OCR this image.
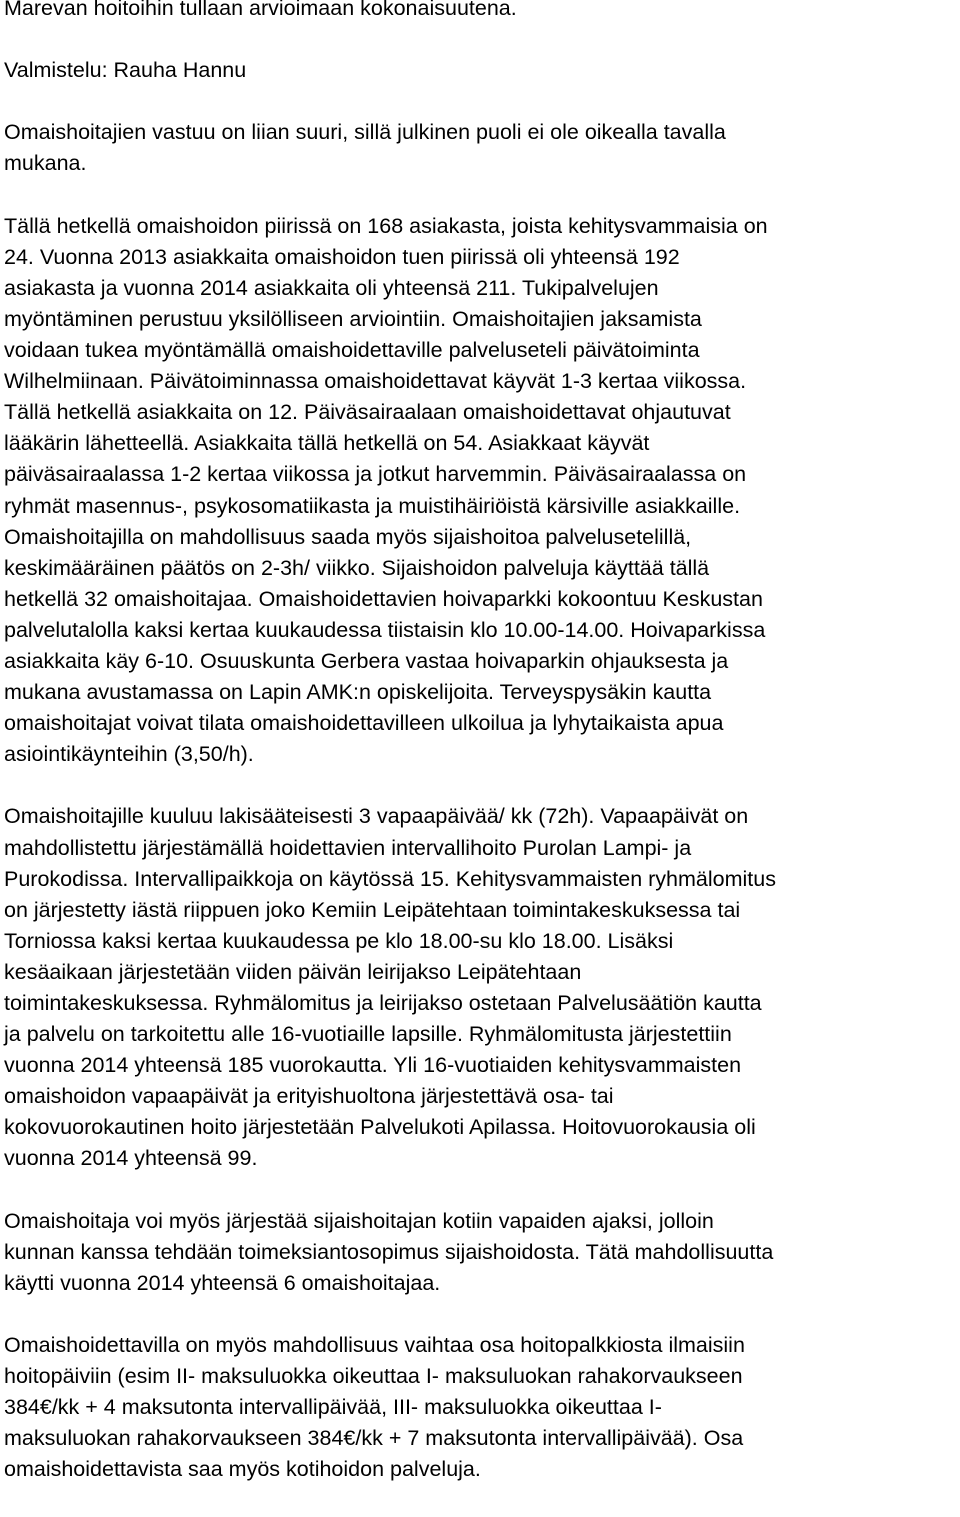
Marevan hoitoihin tullaan arvioimaan kokonaisuutena.
Valmistelu: Rauha Hannu
Omaishoitajien vastuu on liian suuri, sillä julkinen puoli ei ole oikealla tavalla
mukana.
Tällä hetkellä omaishoidon piirissä on 168 asiakasta, joista kehitysvammaisia on
24. Vuonna 2013 asiakkaita omaishoidon tuen piirissä oli yhteensä 192
asiakasta ja vuonna 2014 asiakkaita oli yhteensä 211. Tukipalvelujen
myöntäminen perustuu yksilölliseen arviointiin. Omaishoitajien jaksamista
voidaan tukea myöntämällä omaishoidettaville palveluseteli päivätoiminta
Wilhelmiinaan. Päivätoiminnassa omaishoidettavat käyvät 1-3 kertaa viikossa.
Tällä hetkellä asiakkaita on 12. Päiväsairaalaan omaishoidettavat ohjautuvat
lääkärin lähetteellä. Asiakkaita tällä hetkellä on 54. Asiakkaat käyvät
päiväsairaalassa 1-2 kertaa viikossa ja jotkut harvemmin. Päiväsairaalassa on
ryhmät masennus-, psykosomatiikasta ja muistihäiriöistä kärsiville asiakkaille.
Omaishoitajilla on mahdollisuus saada myös sijaishoitoa palvelusetelillä,
keskimääräinen päätös on 2-3h/ viikko. Sijaishoidon palveluja käyttää tällä
hetkellä 32 omaishoitajaa. Omaishoidettavien hoivaparkki kokoontuu Keskustan
palvelutalolla kaksi kertaa kuukaudessa tiistaisin klo 10.00-14.00. Hoivaparkissa
asiakkaita käy 6-10. Osuuskunta Gerbera vastaa hoivaparkin ohjauksesta ja
mukana avustamassa on Lapin AMK:n opiskelijoita. Terveyspysäkin kautta
omaishoitajat voivat tilata omaishoidettavilleen ulkoilua ja lyhytaikaista apua
asiointikäynteihin (3,50/h).
Omaishoitajille kuuluu lakisääteisesti 3 vapaapäivää/ kk (72h). Vapaapäivät on
mahdollistettu järjestämällä hoidettavien intervallihoito Purolan Lampi- ja
Purokodissa. Intervallipaikkoja on käytössä 15. Kehitysvammaisten ryhmälomitus
on järjestetty iästä riippuen joko Kemiin Leipätehtaan toimintakeskuksessa tai
Torniossa kaksi kertaa kuukaudessa pe klo 18.00-su klo 18.00. Lisäksi
kesäaikaan järjestetään viiden päivän leirijakso Leipätehtaan
toimintakeskuksessa. Ryhmälomitus ja leirijakso ostetaan Palvelusäätiön kautta
ja palvelu on tarkoitettu alle 16-vuotiaille lapsille. Ryhmälomitusta järjestettiin
vuonna 2014 yhteensä 185 vuorokautta. Yli 16-vuotiaiden kehitysvammaisten
omaishoidon vapaapäivät ja erityishuoltona järjestettävä osa- tai
kokovuorokautinen hoito järjestetään Palvelukoti Apilassa. Hoitovuorokausia oli
vuonna 2014 yhteensä 99.
Omaishoitaja voi myös järjestää sijaishoitajan kotiin vapaiden ajaksi, jolloin
kunnan kanssa tehdään toimeksiantosopimus sijaishoidosta. Tätä mahdollisuutta
käytti vuonna 2014 yhteensä 6 omaishoitajaa.
Omaishoidettavilla on myös mahdollisuus vaihtaa osa hoitopalkkiosta ilmaisiin
hoitopäiviin (esim II- maksuluokka oikeuttaa I- maksuluokan rahakorvaukseen
384€/kk + 4 maksutonta intervallipäivää, III- maksuluokka oikeuttaa I-
maksuluokan rahakorvaukseen 384€/kk + 7 maksutonta intervallipäivää). Osa
omaishoidettavista saa myös kotihoidon palveluja.
